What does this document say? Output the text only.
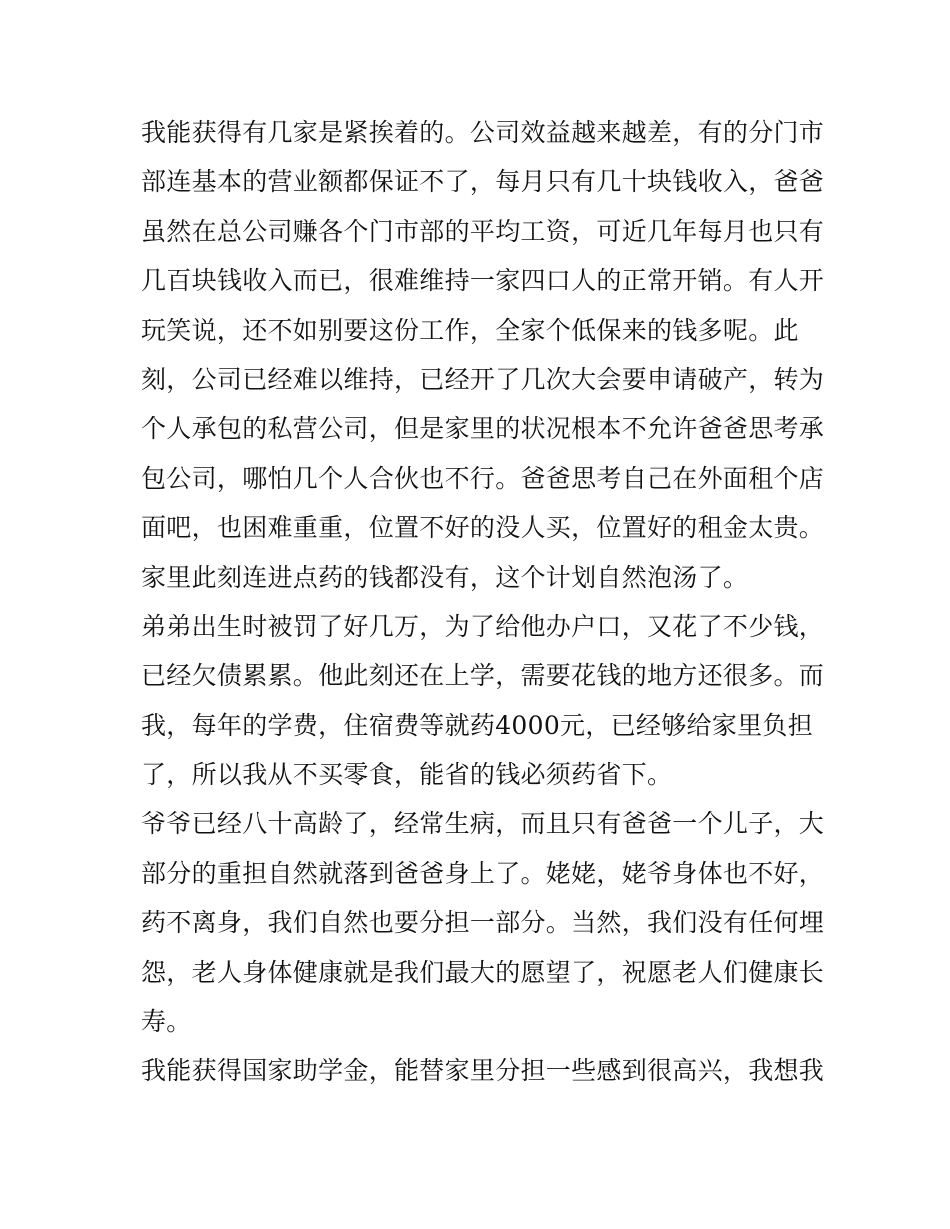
我能获得有几家是紧挨着的。公司效益越来越差，有的分门市

部连基本的营业额都保证不了，每月只有几十块钱收入，爸爸

虽然在总公司赚各个门市部的平均工资，可近几年每月也只有

几百块钱收入而已，很难维持一家四口人的正常开销。有人开

玩笑说，还不如别要这份工作，全家个低保来的钱多呢。此

刻，公司已经难以维持，已经开了几次大会要申请破产，转为

个人承包的私营公司，但是家里的状况根本不允许爸爸思考承

包公司，哪怕几个人合伙也不行。爸爸思考自己在外面租个店

面吧，也困难重重，位置不好的没人买，位置好的租金太贵。

家里此刻连进点药的钱都没有，这个计划自然泡汤了。

弟弟出生时被罚了好几万，为了给他办户口，又花了不少钱，

已经欠债累累。他此刻还在上学，需要花钱的地方还很多。而

我，每年的学费，住宿费等就药4000元，已经够给家里负担

了，所以我从不买零食，能省的钱必须药省下。

爷爷已经八十高龄了，经常生病，而且只有爸爸一个儿子，大

部分的重担自然就落到爸爸身上了。姥姥，姥爷身体也不好，

药不离身，我们自然也要分担一部分。当然，我们没有任何埋

怨，老人身体健康就是我们最大的愿望了，祝愿老人们健康长

寿。

我能获得国家助学金，能替家里分担一些感到很高兴，我想我
